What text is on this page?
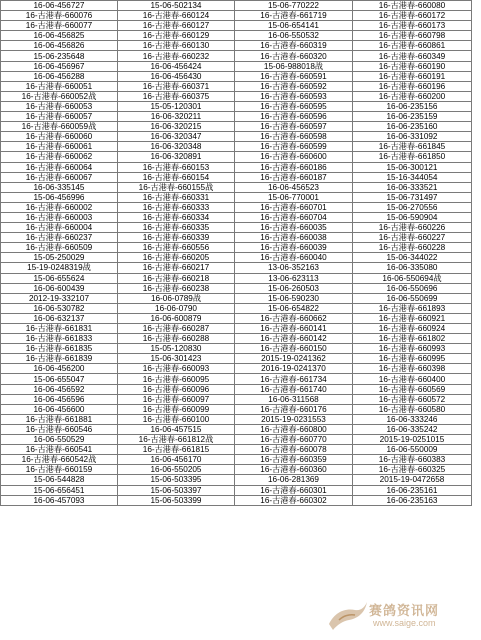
16-06-456727	15-06-502134	15-06-770222	16-古港春-660080
16-古港春-660076	16-古港春-660124	16-古港春-661719	16-古港春-660172
16-古港春-660077	16-古港春-660127	15-06-654141	16-古港春-660173
16-06-456825	16-古港春-660129	16-06-550532	16-古港春-660798
16-06-456826	16-古港春-660130	16-古港春-660319	16-古港春-660861
15-06-235648	16-古港春-660232	16-古港春-660320	16-古港春-660349
16-06-456967	16-06-456424	15-06-988018战	16-古港春-660190
16-06-456288	16-06-456430	16-古港春-660591	16-古港春-660191
16-古港春-660051	16-古港春-660371	16-古港春-660592	16-古港春-660196
16-古港春-660052战	16-古港春-660375	16-古港春-660593	16-古港春-660200
16-古港春-660053	15-05-120301	16-古港春-660595	16-06-235156
16-古港春-660057	16-06-320211	16-古港春-660596	16-06-235159
16-古港春-660059战	16-06-320215	16-古港春-660597	16-06-235160
16-古港春-660060	16-06-320347	16-古港春-660598	16-06-331092
16-古港春-660061	16-06-320348	16-古港春-660599	16-古港春-661845
16-古港春-660062	16-06-320891	16-古港春-660600	16-古港春-661850
16-古港春-660064	16-古港春-660153	16-古港春-660186	15-06-300121
16-古港春-660067	16-古港春-660154	16-古港春-660187	15-16-344054
16-06-335145	16-古港春-660155战	16-06-456523	16-06-333521
15-06-456996	16-古港春-660331	15-06-770001	15-06-731497
16-古港春-660002	16-古港春-660333	16-古港春-660701	15-06-270556
16-古港春-660003	16-古港春-660334	16-古港春-660704	15-06-590904
16-古港春-660004	16-古港春-660335	16-古港春-660035	16-古港春-660226
16-古港春-660237	16-古港春-660339	16-古港春-660038	16-古港春-660227
16-古港春-660509	16-古港春-660556	16-古港春-660039	16-古港春-660228
15-05-250029	16-古港春-660205	16-古港春-660040	15-06-344022
15-19-0248319战	16-古港春-660217	13-06-352163	16-06-335080
15-06-655624	16-古港春-660218	13-06-623113	16-06-550694战
16-06-600439	16-古港春-660238	15-06-260503	16-06-550696
2012-19-332107	16-06-0789战	15-06-590230	16-06-550699
16-06-530782	16-06-0790	15-06-654822	16-古港春-661893
16-06-632137	16-06-600879	16-古港春-660662	16-古港春-660921
16-古港春-661831	16-古港春-660287	16-古港春-660141	16-古港春-660924
16-古港春-661833	16-古港春-660288	16-古港春-660142	16-古港春-661802
16-古港春-661835	15-05-120830	16-古港春-660150	16-古港春-660993
16-古港春-661839	15-06-301423	2015-19-0241362	16-古港春-660995
16-06-456200	16-古港春-660093	2016-19-0241370	16-古港春-660398
15-06-655047	16-古港春-660095	16-古港春-661734	16-古港春-660400
16-06-456592	16-古港春-660096	16-古港春-661740	16-古港春-660569
16-06-456596	16-古港春-660097	16-06-311568	16-古港春-660572
16-06-456600	16-古港春-660099	16-古港春-660176	16-古港春-660580
16-古港春-661881	16-古港春-660100	2015-19-0231553	16-06-333246
16-古港春-660546	16-06-457515	16-古港春-660800	16-06-335242
16-06-550529	16-古港春-661812战	16-古港春-660770	2015-19-0251015
16-古港春-660541	16-古港春-661815	16-古港春-660078	16-06-550009
16-古港春-660542战	16-06-456170	16-古港春-660359	16-古港春-660383
16-古港春-660159	16-06-550205	16-古港春-660360	16-古港春-660325
15-06-544828	15-06-503395	16-06-281369	2015-19-0472658
15-06-656451	15-06-503397	16-古港春-660301	16-06-235161
16-06-457093	15-06-503399	16-古港春-660302	16-06-235163
赛鸽资讯网
www.saige.com
